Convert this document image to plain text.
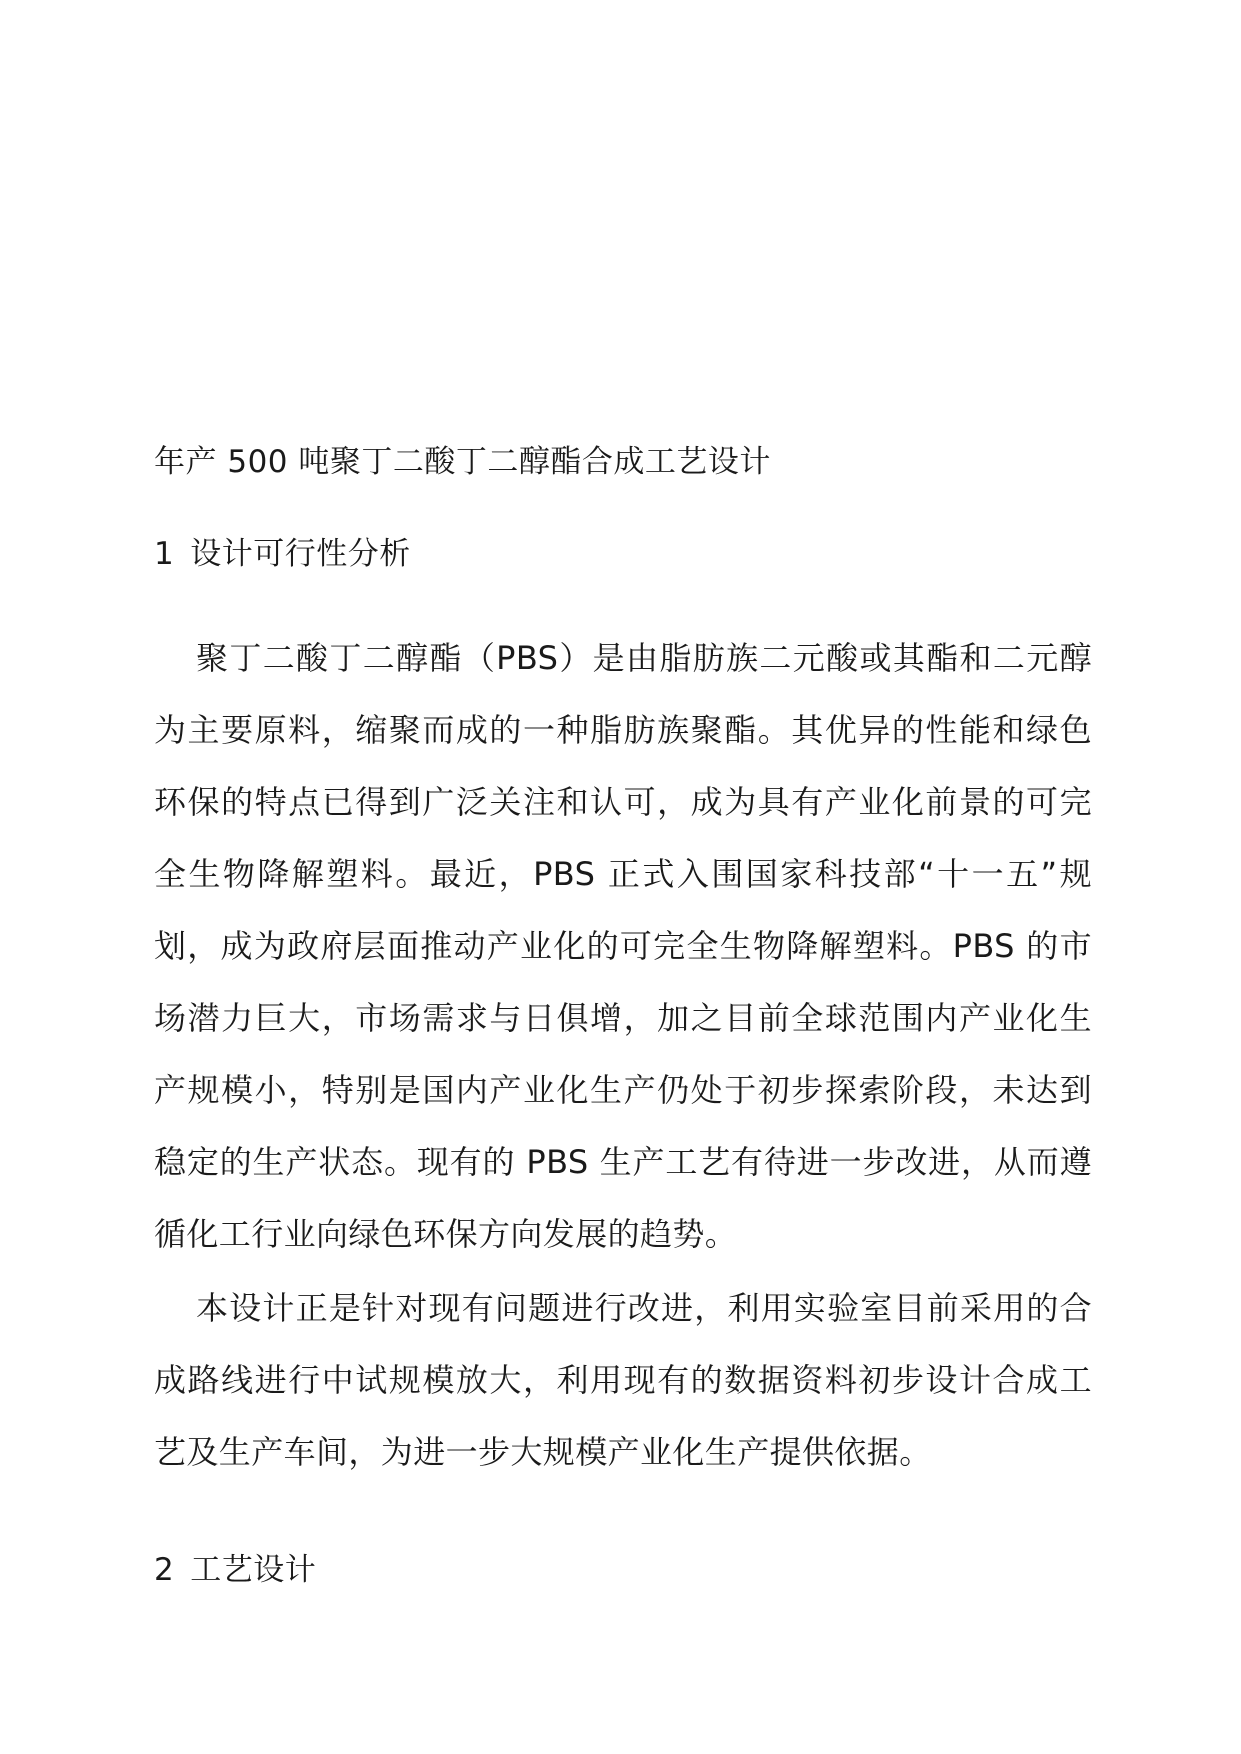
年产 500 吨聚丁二酸丁二醇酯合成工艺设计
1 设计可行性分析

聚丁二酸丁二醇酯（PBS）是由脂肪族二元酸或其酯和二元醇为主要原料，缩聚而成的一种脂肪族聚酯。其优异的性能和绿色环保的特点已得到广泛关注和认可，成为具有产业化前景的可完全生物降解塑料。最近，PBS 正式入围国家科技部“十一五”规划，成为政府层面推动产业化的可完全生物降解塑料。PBS 的市场潜力巨大，市场需求与日俱增，加之目前全球范围内产业化生产规模小，特别是国内产业化生产仍处于初步探索阶段，未达到稳定的生产状态。现有的 PBS 生产工艺有待进一步改进，从而遵循化工行业向绿色环保方向发展的趋势。

本设计正是针对现有问题进行改进，利用实验室目前采用的合成路线进行中试规模放大，利用现有的数据资料初步设计合成工艺及生产车间，为进一步大规模产业化生产提供依据。

2 工艺设计
